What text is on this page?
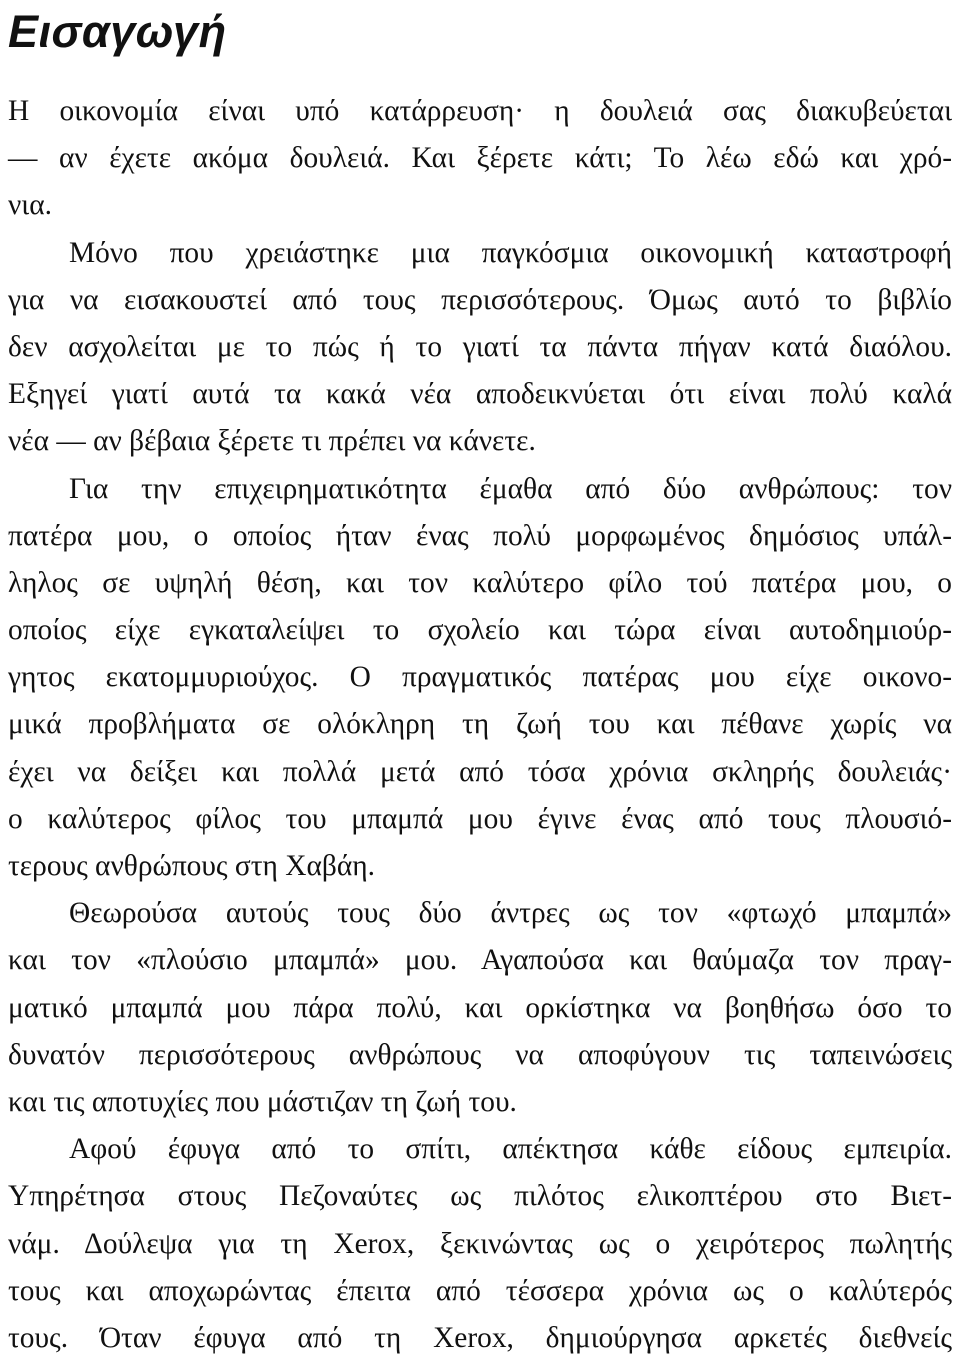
Εισαγωγή
Η οικονομία είναι υπό κατάρρευση· η δουλειά σας διακυβεύεται
— αν έχετε ακόμα δουλειά. Και ξέρετε κάτι; Το λέω εδώ και χρό-
νια.
Μόνο που χρειάστηκε μια παγκόσμια οικονομική καταστροφή
για να εισακουστεί από τους περισσότερους. Όμως αυτό το βιβλίο
δεν ασχολείται με το πώς ή το γιατί τα πάντα πήγαν κατά διαόλου.
Εξηγεί γιατί αυτά τα κακά νέα αποδεικνύεται ότι είναι πολύ καλά
νέα — αν βέβαια ξέρετε τι πρέπει να κάνετε.
Για την επιχειρηματικότητα έμαθα από δύο ανθρώπους: τον
πατέρα μου, ο οποίος ήταν ένας πολύ μορφωμένος δημόσιος υπάλ-
ληλος σε υψηλή θέση, και τον καλύτερο φίλο τού πατέρα μου, ο
οποίος είχε εγκαταλείψει το σχολείο και τώρα είναι αυτοδημιούρ-
γητος εκατομμυριούχος. Ο πραγματικός πατέρας μου είχε οικονο-
μικά προβλήματα σε ολόκληρη τη ζωή του και πέθανε χωρίς να
έχει να δείξει και πολλά μετά από τόσα χρόνια σκληρής δουλειάς·
ο καλύτερος φίλος του μπαμπά μου έγινε ένας από τους πλουσιό-
τερους ανθρώπους στη Χαβάη.
Θεωρούσα αυτούς τους δύο άντρες ως τον «φτωχό μπαμπά»
και τον «πλούσιο μπαμπά» μου. Αγαπούσα και θαύμαζα τον πραγ-
ματικό μπαμπά μου πάρα πολύ, και ορκίστηκα να βοηθήσω όσο το
δυνατόν περισσότερους ανθρώπους να αποφύγουν τις ταπεινώσεις
και τις αποτυχίες που μάστιζαν τη ζωή του.
Αφού έφυγα από το σπίτι, απέκτησα κάθε είδους εμπειρία.
Υπηρέτησα στους Πεζοναύτες ως πιλότος ελικοπτέρου στο Βιετ-
νάμ. Δούλεψα για τη Xerox, ξεκινώντας ως ο χειρότερος πωλητής
τους και αποχωρώντας έπειτα από τέσσερα χρόνια ως ο καλύτερός
τους. Όταν έφυγα από τη Xerox, δημιούργησα αρκετές διεθνείς
